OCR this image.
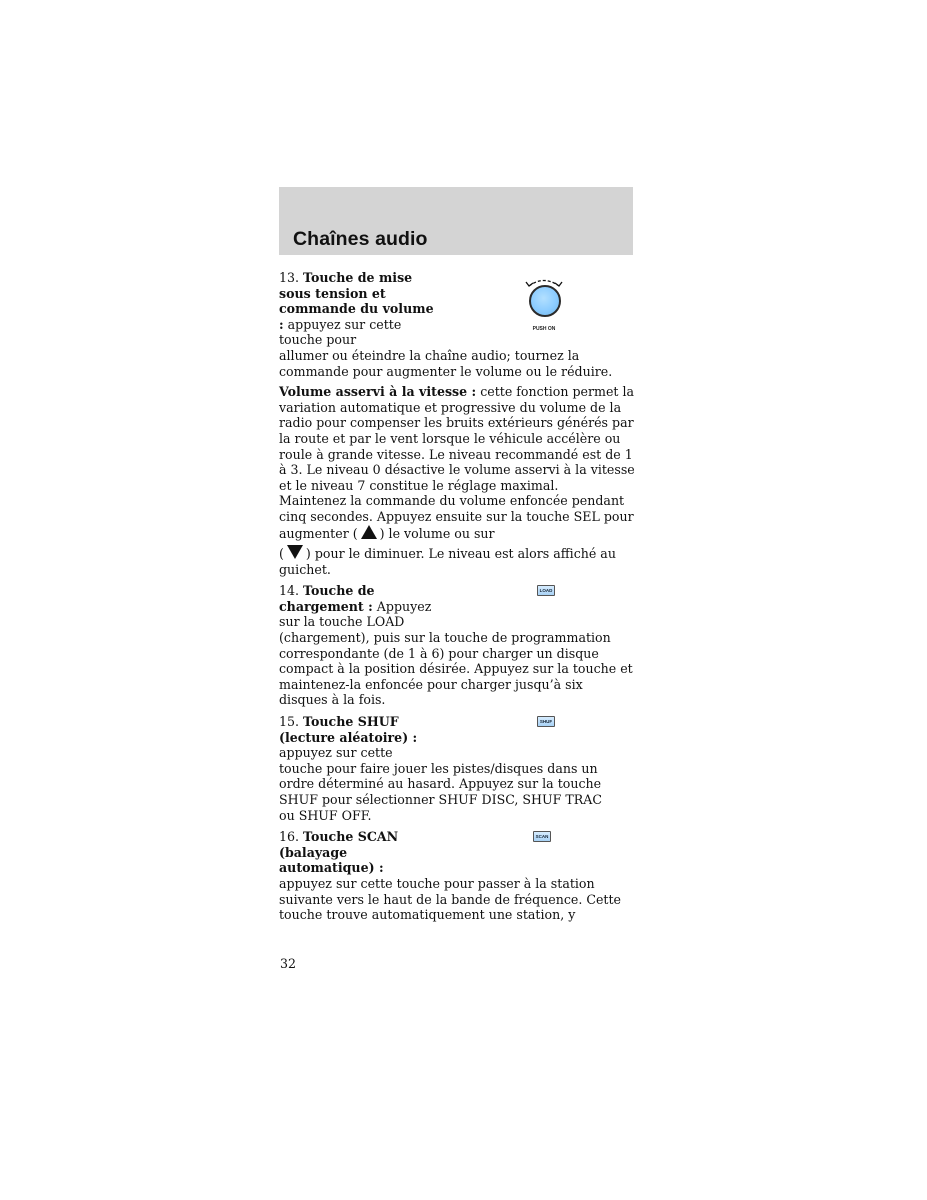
Chaînes audio

13. Touche de mise sous tension et commande du volume : appuyez sur cette touche pour

allumer ou éteindre la chaîne audio; tournez la commande pour augmenter le volume ou le réduire.

PUSH ON

Volume asservi à la vitesse : cette fonction permet la variation automatique et progressive du volume de la radio pour compenser les bruits extérieurs générés par la route et par le vent lorsque le véhicule accélère ou roule à grande vitesse. Le niveau recommandé est de 1 à 3. Le niveau 0 désactive le volume asservi à la vitesse et le niveau 7 constitue le réglage maximal.

Maintenez la commande du volume enfoncée pendant cinq secondes. Appuyez ensuite sur la touche SEL pour augmenter ( ) le volume ou sur
( ) pour le diminuer. Le niveau est alors affiché au guichet.

14. Touche de chargement : Appuyez sur la touche LOAD

(chargement), puis sur la touche de programmation correspondante (de 1 à 6) pour charger un disque compact à la position désirée. Appuyez sur la touche et maintenez-la enfoncée pour charger jusqu’à six disques à la fois.

LOAD

15. Touche SHUF (lecture aléatoire) :
appuyez sur cette

touche pour faire jouer les pistes/disques dans un ordre déterminé au hasard. Appuyez sur la touche SHUF pour sélectionner SHUF DISC, SHUF TRAC ou SHUF OFF.

SHUF

16. Touche SCAN (balayage automatique) :

appuyez sur cette touche pour passer à la station suivante vers le haut de la bande de fréquence. Cette touche trouve automatiquement une station, y

SCAN
32
